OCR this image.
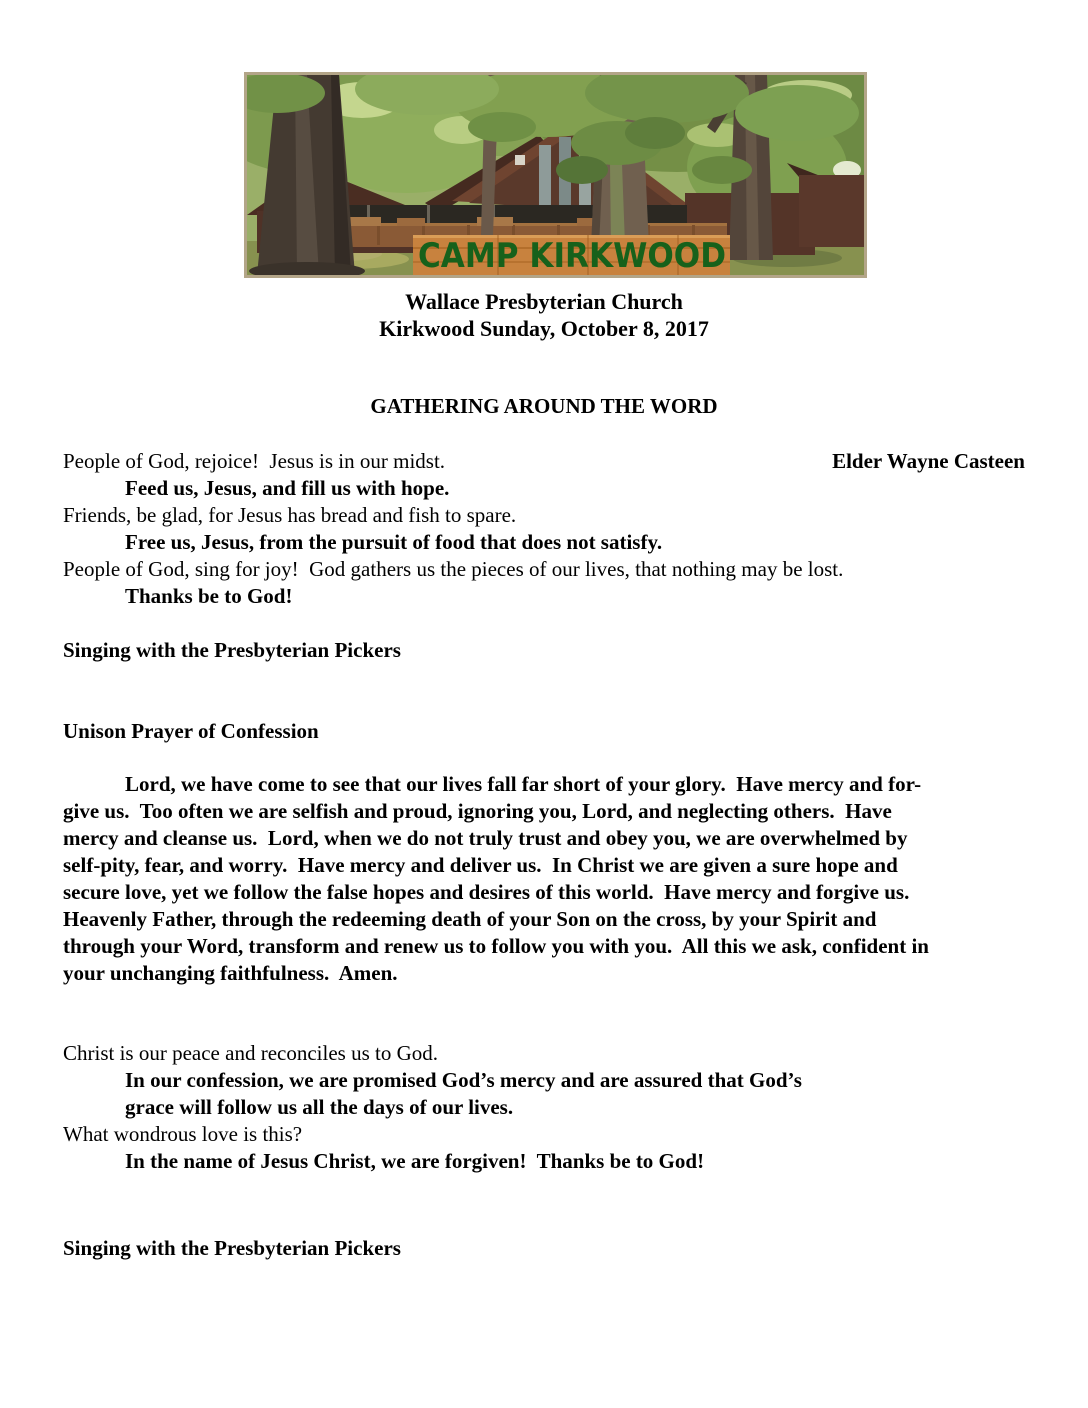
CAMP KIRKWOOD
Wallace Presbyterian Church
Kirkwood Sunday, October 8, 2017
GATHERING AROUND THE WORD
People of God, rejoice!  Jesus is in our midst.	Elder Wayne Casteen
Feed us, Jesus, and fill us with hope.
Friends, be glad, for Jesus has bread and fish to spare.
Free us, Jesus, from the pursuit of food that does not satisfy.
People of God, sing for joy!  God gathers us the pieces of our lives, that nothing may be lost.
Thanks be to God!
Singing with the Presbyterian Pickers
Unison Prayer of Confession
Lord, we have come to see that our lives fall far short of your glory.  Have mercy and for-
give us.  Too often we are selfish and proud, ignoring you, Lord, and neglecting others.  Have
mercy and cleanse us.  Lord, when we do not truly trust and obey you, we are overwhelmed by
self-pity, fear, and worry.  Have mercy and deliver us.  In Christ we are given a sure hope and
secure love, yet we follow the false hopes and desires of this world.  Have mercy and forgive us.
Heavenly Father, through the redeeming death of your Son on the cross, by your Spirit and
through your Word, transform and renew us to follow you with you.  All this we ask, confident in
your unchanging faithfulness.  Amen.
Christ is our peace and reconciles us to God.
In our confession, we are promised God’s mercy and are assured that God’s
grace will follow us all the days of our lives.
What wondrous love is this?
In the name of Jesus Christ, we are forgiven!  Thanks be to God!
Singing with the Presbyterian Pickers
